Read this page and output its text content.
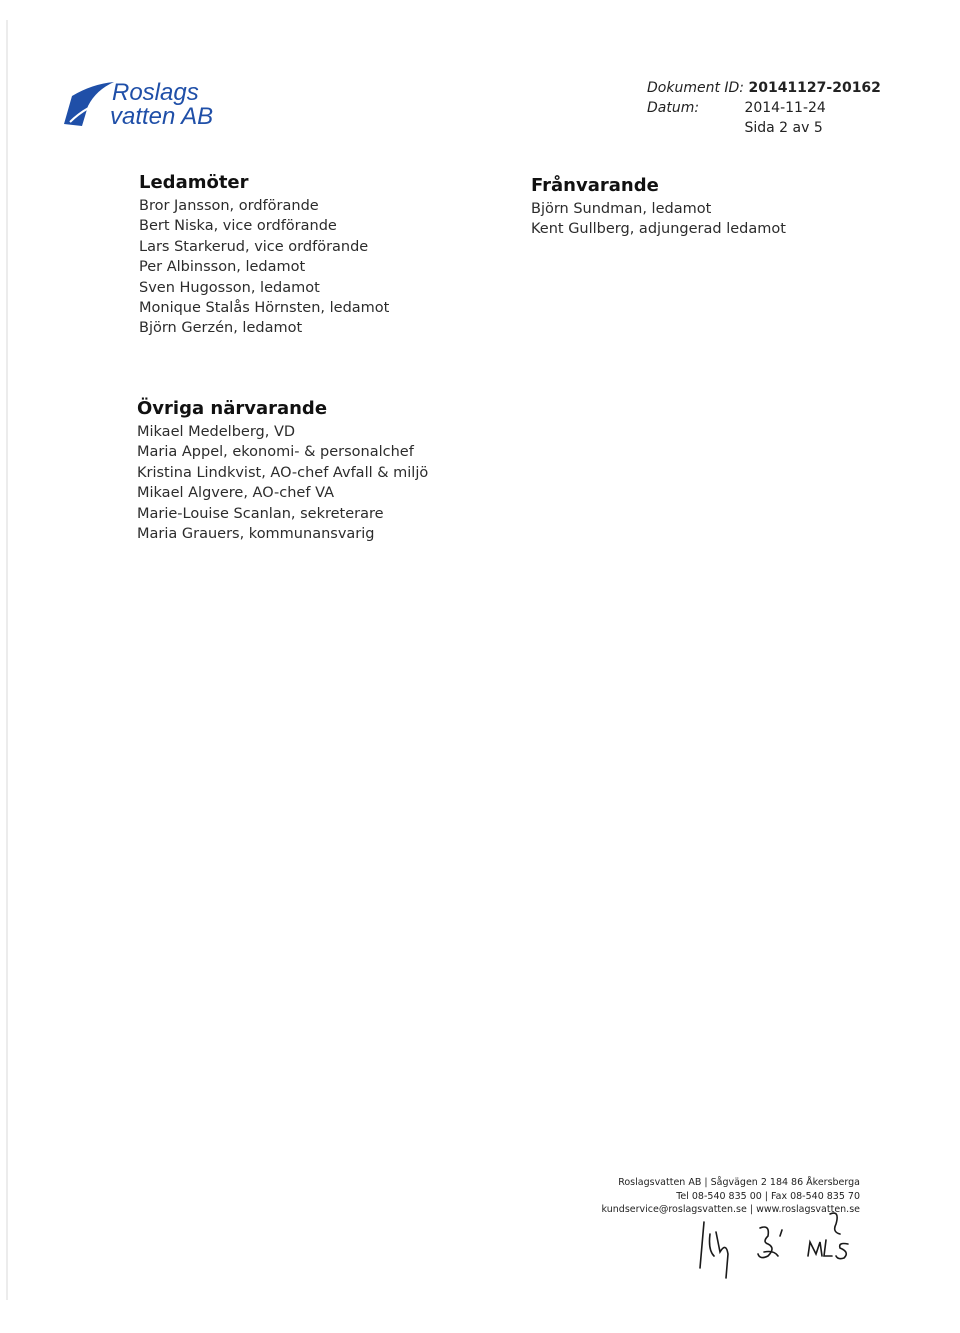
Roslags
vatten AB
Dokument ID: 20141127-20162
Datum:	2014-11-24
Sida 2 av 5
Ledamöter
Bror Jansson, ordförande
Bert Niska, vice ordförande
Lars Starkerud, vice ordförande
Per Albinsson, ledamot
Sven Hugosson, ledamot
Monique Stalås Hörnsten, ledamot
Björn Gerzén, ledamot
Frånvarande
Björn Sundman, ledamot
Kent Gullberg, adjungerad ledamot
Övriga närvarande
Mikael Medelberg, VD
Maria Appel, ekonomi- & personalchef
Kristina Lindkvist, AO-chef Avfall & miljö
Mikael Algvere, AO-chef VA
Marie-Louise Scanlan, sekreterare
Maria Grauers, kommunansvarig
Roslagsvatten AB | Sågvägen 2 184 86 Åkersberga
Tel 08-540 835 00 | Fax 08-540 835 70
kundservice@roslagsvatten.se | www.roslagsvatten.se
